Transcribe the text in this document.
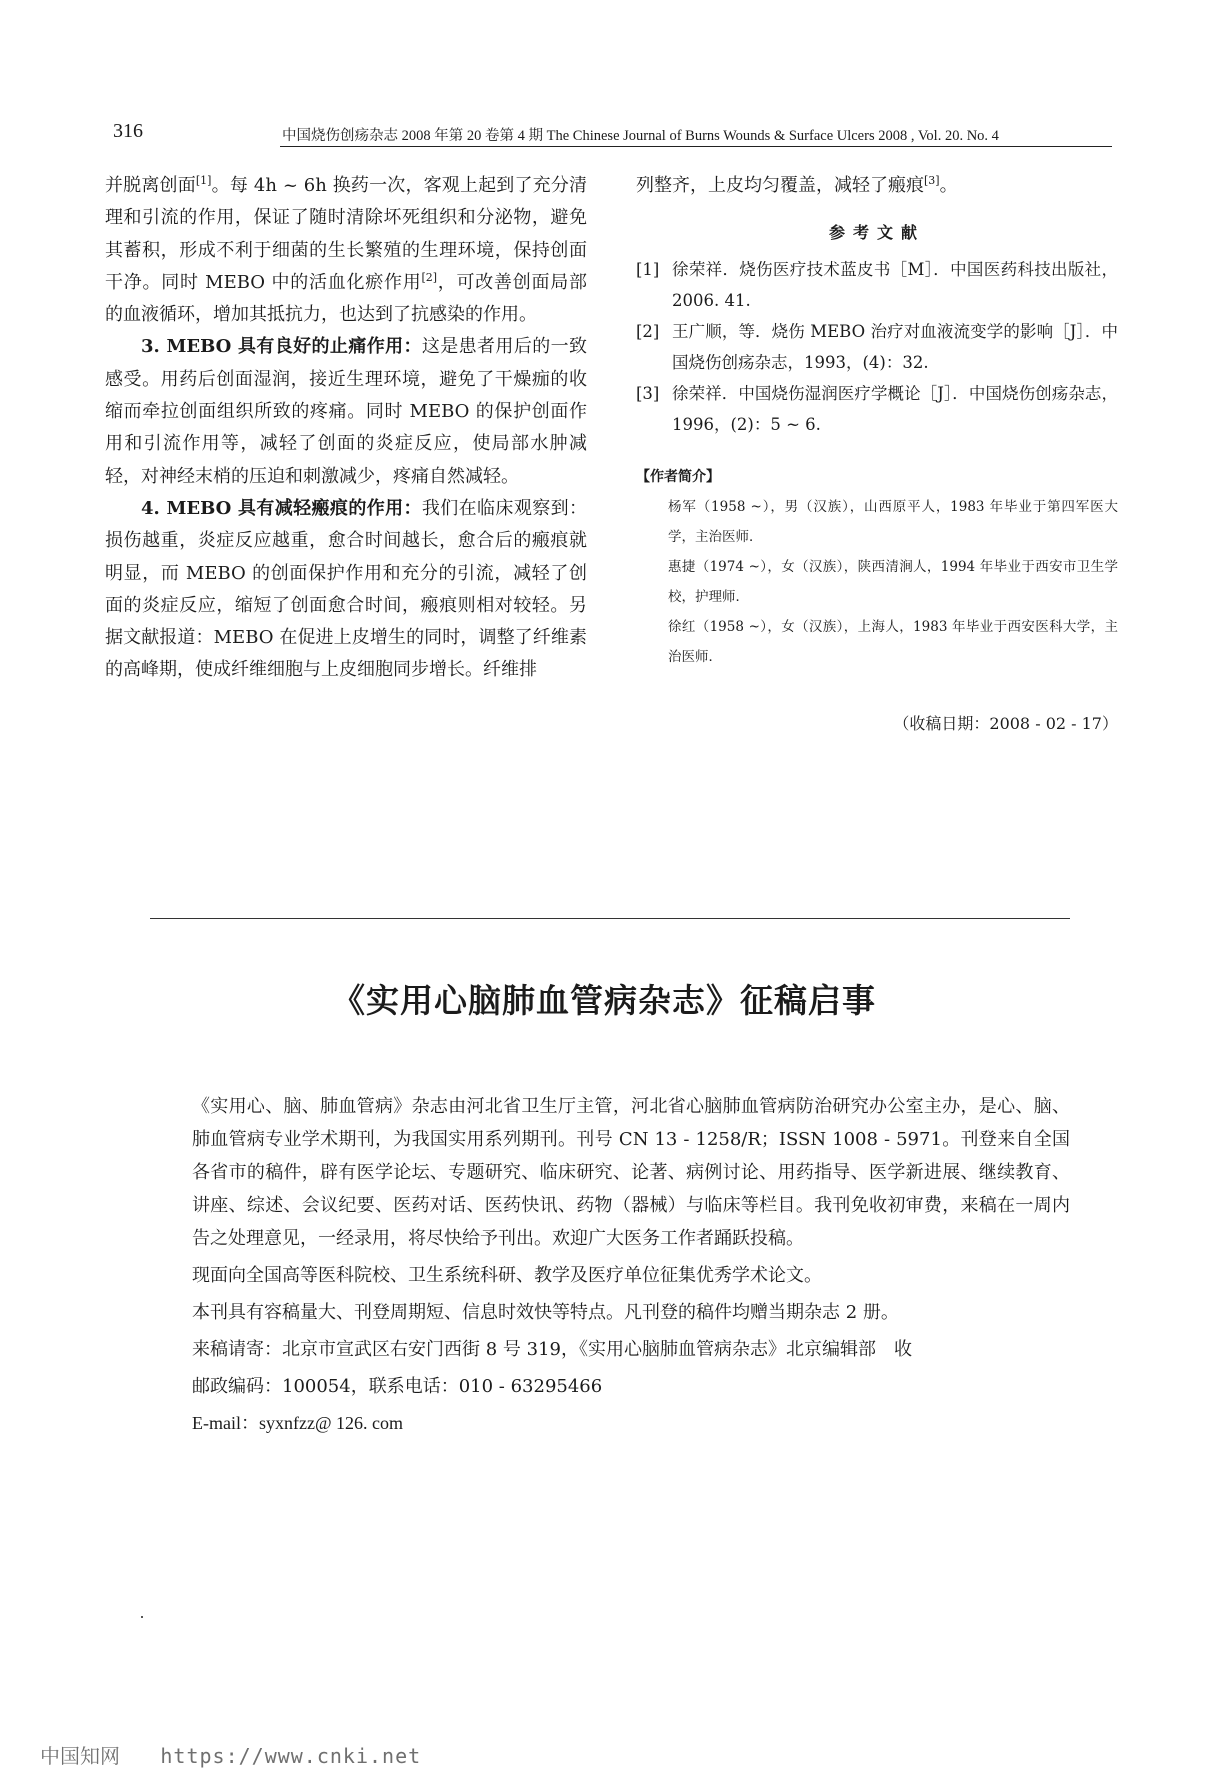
316	中国烧伤创疡杂志 2008 年第 20 卷第 4 期 The Chinese Journal of Burns Wounds & Surface Ulcers 2008 , Vol. 20. No. 4

并脱离创面[1]。每 4h ~ 6h 换药一次，客观上起到了充分清理和引流的作用，保证了随时清除坏死组织和分泌物，避免其蓄积，形成不利于细菌的生长繁殖的生理环境，保持创面干净。同时 MEBO 中的活血化瘀作用[2]，可改善创面局部的血液循环，增加其抵抗力，也达到了抗感染的作用。

3. MEBO 具有良好的止痛作用：这是患者用后的一致感受。用药后创面湿润，接近生理环境，避免了干燥痂的收缩而牵拉创面组织所致的疼痛。同时 MEBO 的保护创面作用和引流作用等，减轻了创面的炎症反应，使局部水肿减轻，对神经末梢的压迫和刺激减少，疼痛自然减轻。

4. MEBO 具有减轻瘢痕的作用：我们在临床观察到：损伤越重，炎症反应越重，愈合时间越长，愈合后的瘢痕就明显，而 MEBO 的创面保护作用和充分的引流，减轻了创面的炎症反应，缩短了创面愈合时间，瘢痕则相对较轻。另据文献报道：MEBO 在促进上皮增生的同时，调整了纤维素的高峰期，使成纤维细胞与上皮细胞同步增长。纤维排

列整齐，上皮均匀覆盖，减轻了瘢痕[3]。

参考文献
[1] 徐荣祥．烧伤医疗技术蓝皮书［M］．中国医药科技出版社，2006. 41.
[2] 王广顺，等．烧伤 MEBO 治疗对血液流变学的影响［J］．中国烧伤创疡杂志，1993，(4)：32.
[3] 徐荣祥．中国烧伤湿润医疗学概论［J］．中国烧伤创疡杂志，1996，(2)：5 ~ 6.
【作者简介】

杨军（1958 ~），男（汉族），山西原平人，1983 年毕业于第四军医大学，主治医师．

惠捷（1974 ~），女（汉族），陕西清涧人，1994 年毕业于西安市卫生学校，护理师．

徐红（1958 ~），女（汉族），上海人，1983 年毕业于西安医科大学，主治医师．

（收稿日期：2008 - 02 - 17）
《实用心脑肺血管病杂志》征稿启事

《实用心、脑、肺血管病》杂志由河北省卫生厅主管，河北省心脑肺血管病防治研究办公室主办，是心、脑、肺血管病专业学术期刊，为我国实用系列期刊。刊号 CN 13 - 1258/R；ISSN 1008 - 5971。刊登来自全国各省市的稿件，辟有医学论坛、专题研究、临床研究、论著、病例讨论、用药指导、医学新进展、继续教育、讲座、综述、会议纪要、医药对话、医药快讯、药物（器械）与临床等栏目。我刊免收初审费，来稿在一周内告之处理意见，一经录用，将尽快给予刊出。欢迎广大医务工作者踊跃投稿。

现面向全国高等医科院校、卫生系统科研、教学及医疗单位征集优秀学术论文。

本刊具有容稿量大、刊登周期短、信息时效快等特点。凡刊登的稿件均赠当期杂志 2 册。

来稿请寄：北京市宣武区右安门西街 8 号 319，《实用心脑肺血管病杂志》北京编辑部　收

邮政编码：100054，联系电话：010 - 63295466

E-mail：syxnfzz@ 126. com

中国知网 https://www.cnki.net
